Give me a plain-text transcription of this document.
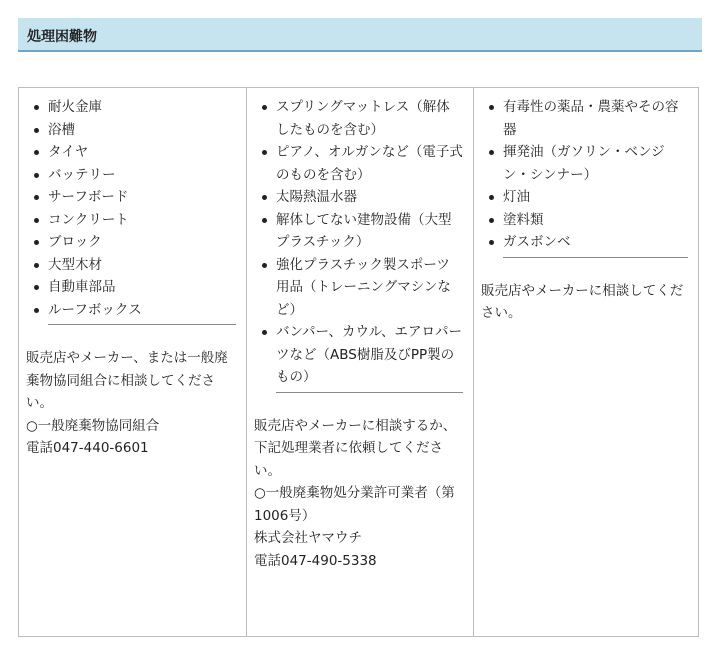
処理困難物
耐火金庫
浴槽
タイヤ
バッテリー
サーフボード
コンクリート
ブロック
大型木材
自動車部品
ルーフボックス
販売店やメーカー、または一般廃棄物協同組合に相談してください。
○一般廃棄物協同組合
電話047-440-6601
スプリングマットレス（解体したものを含む）
ピアノ、オルガンなど（電子式のものを含む）
太陽熱温水器
解体してない建物設備（大型プラスチック）
強化プラスチック製スポーツ用品（トレーニングマシンなど）
バンパー、カウル、エアロパーツなど（ABS樹脂及びPP製のもの）
販売店やメーカーに相談するか、下記処理業者に依頼してください。
○一般廃棄物処分業許可業者（第1006号）
株式会社ヤマウチ
電話047-490-5338
有毒性の薬品・農薬やその容器
揮発油（ガソリン・ベンジン・シンナー）
灯油
塗料類
ガスボンベ
販売店やメーカーに相談してください。
